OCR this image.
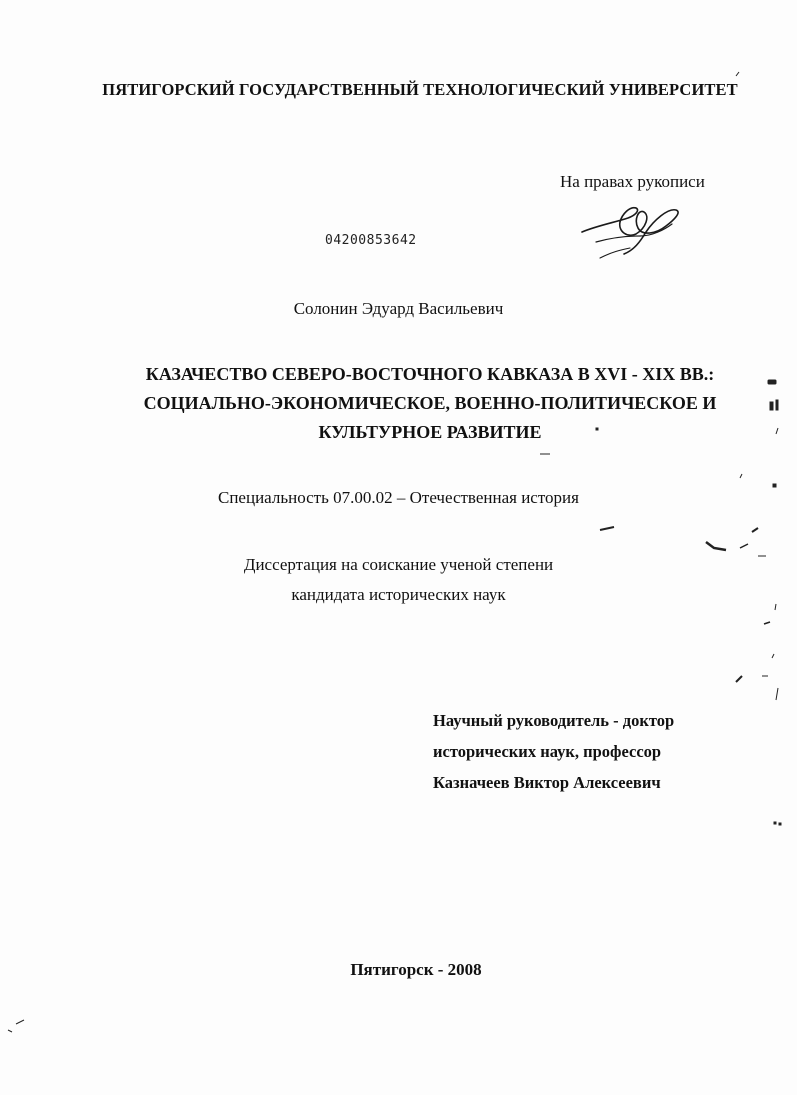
ПЯТИГОРСКИЙ ГОСУДАРСТВЕННЫЙ ТЕХНОЛОГИЧЕСКИЙ УНИВЕРСИТЕТ
На правах рукописи
04200853642
Солонин Эдуард Васильевич
КАЗАЧЕСТВО СЕВЕРО-ВОСТОЧНОГО КАВКАЗА В XVI - XIX ВВ.:
СОЦИАЛЬНО-ЭКОНОМИЧЕСКОЕ, ВОЕННО-ПОЛИТИЧЕСКОЕ И
КУЛЬТУРНОЕ РАЗВИТИЕ
Специальность 07.00.02 – Отечественная история
Диссертация на соискание ученой степени
кандидата исторических наук
Научный руководитель - доктор
исторических наук, профессор
Казначеев Виктор Алексеевич
Пятигорск - 2008
